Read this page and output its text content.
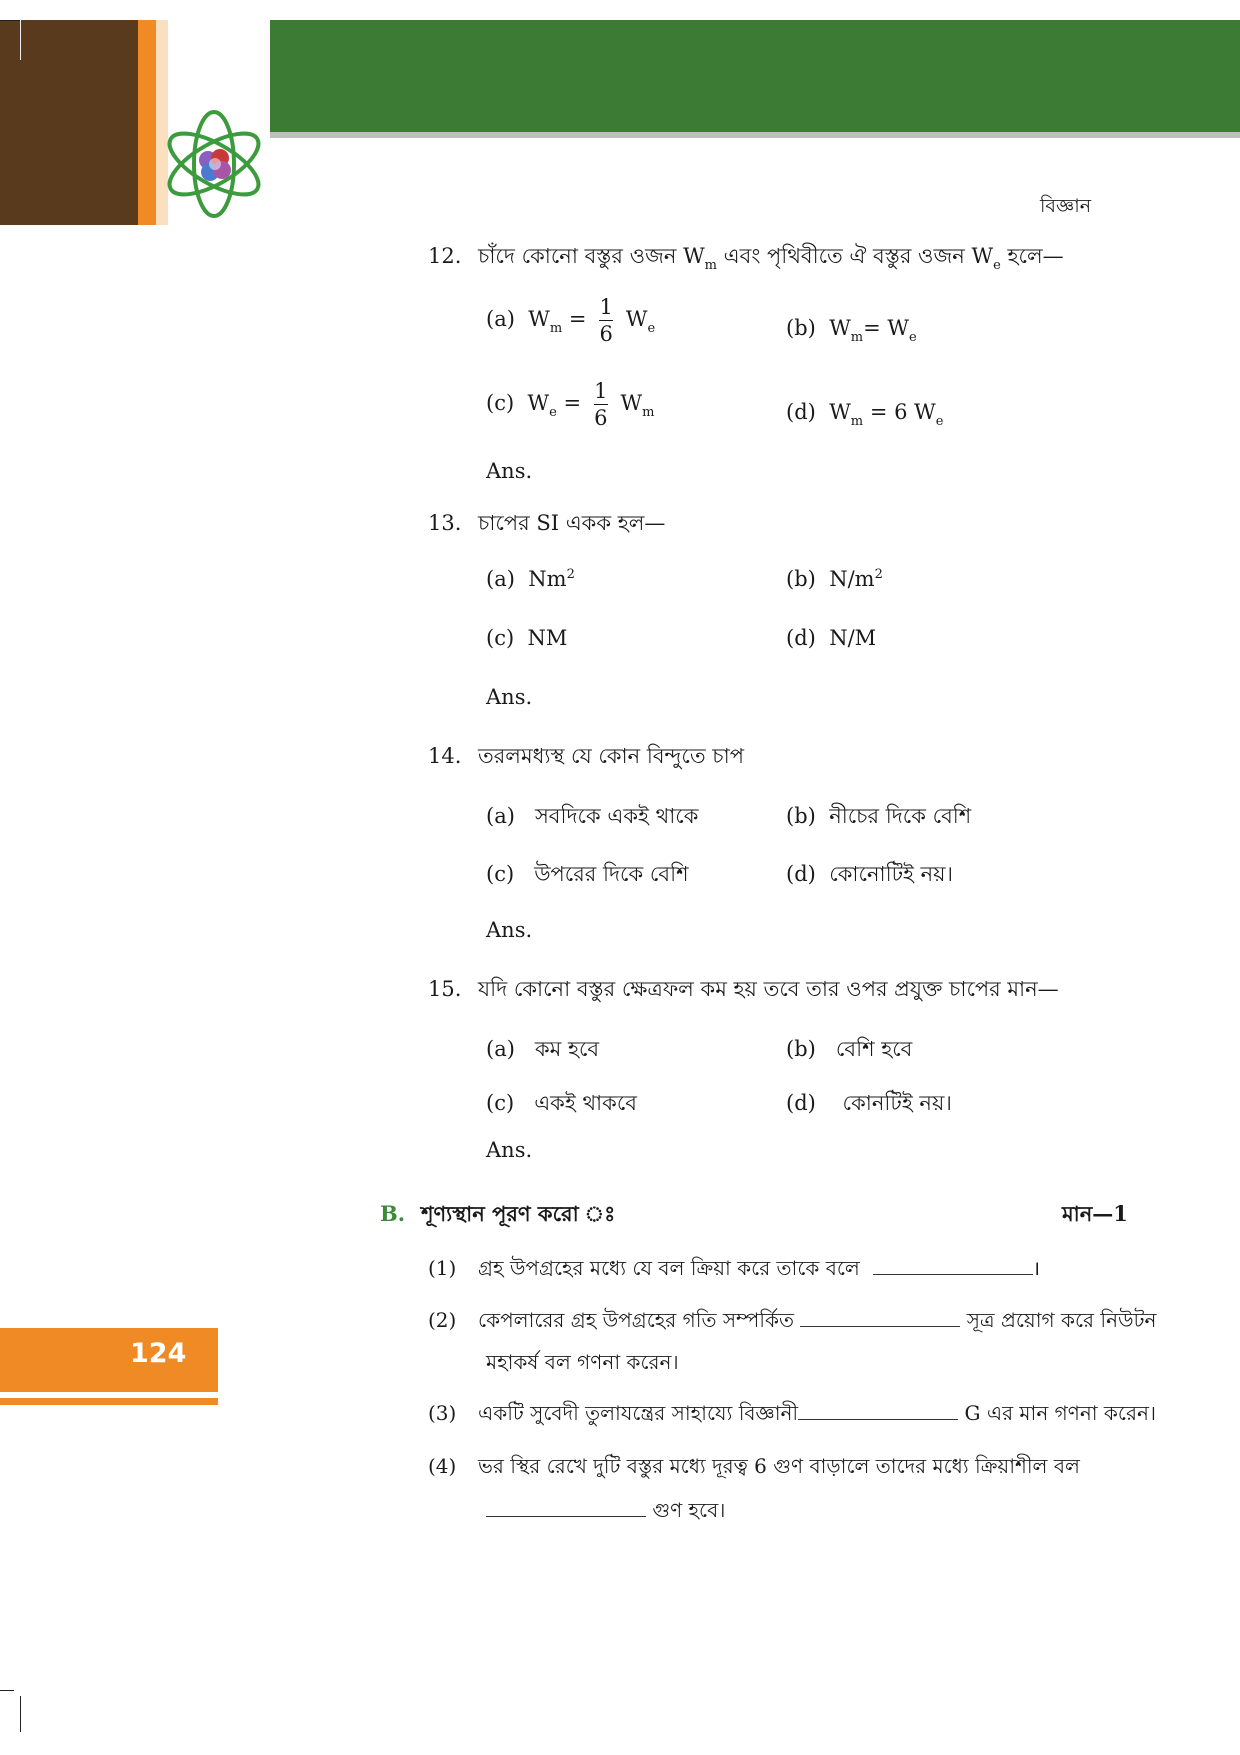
বিজ্ঞান
12. চাঁদে কোনো বস্তুর ওজন $W_m$ এবং পৃথিবীতে ঐ বস্তুর ওজন $W_e$ হলে—
(a) $W_m = \frac{1}{6} W_e$	(b) $W_m= W_e$
(c) $W_e = \frac{1}{6} W_m$	(d) $W_m = 6$ $W_e$
Ans.
13. চাপের SI একক হল—
(a) Nm$^2$	(b) $N/m^2$
(c) NM	(d) N/M
Ans.
14. তরলমধ্যস্থ যে কোন বিন্দুতে চাপ
(a) সবদিকে একই থাকে	(b) নীচের দিকে বেশি
(c) উপরের দিকে বেশি	(d) কোনোটিই নয়।
Ans.
15. যদি কোনো বস্তুর ক্ষেত্রফল কম হয় তবে তার ওপর প্রযুক্ত চাপের মান—
(a) কম হবে	(b) বেশি হবে
(c) একই থাকবে	(d) কোনটিই নয়।
Ans.
B. শূণ্যস্থান পূরণ করো ঃ	মান—1
(1) গ্রহ উপগ্রহের মধ্যে যে বল ক্রিয়া করে তাকে বলে	।
(2) কেপলারের গ্রহ উপগ্রহের গতি সম্পর্কিত	সূত্র প্রয়োগ করে নিউটন
মহাকর্ষ বল গণনা করেন।
(3) একটি সুবেদী তুলাযন্ত্রের সাহায্যে বিজ্ঞানী	G এর মান গণনা করেন।
(4) ভর স্থির রেখে দুটি বস্তুর মধ্যে দূরত্ব 6 গুণ বাড়ালে তাদের মধ্যে ক্রিয়াশীল বল
গুণ হবে।
124
